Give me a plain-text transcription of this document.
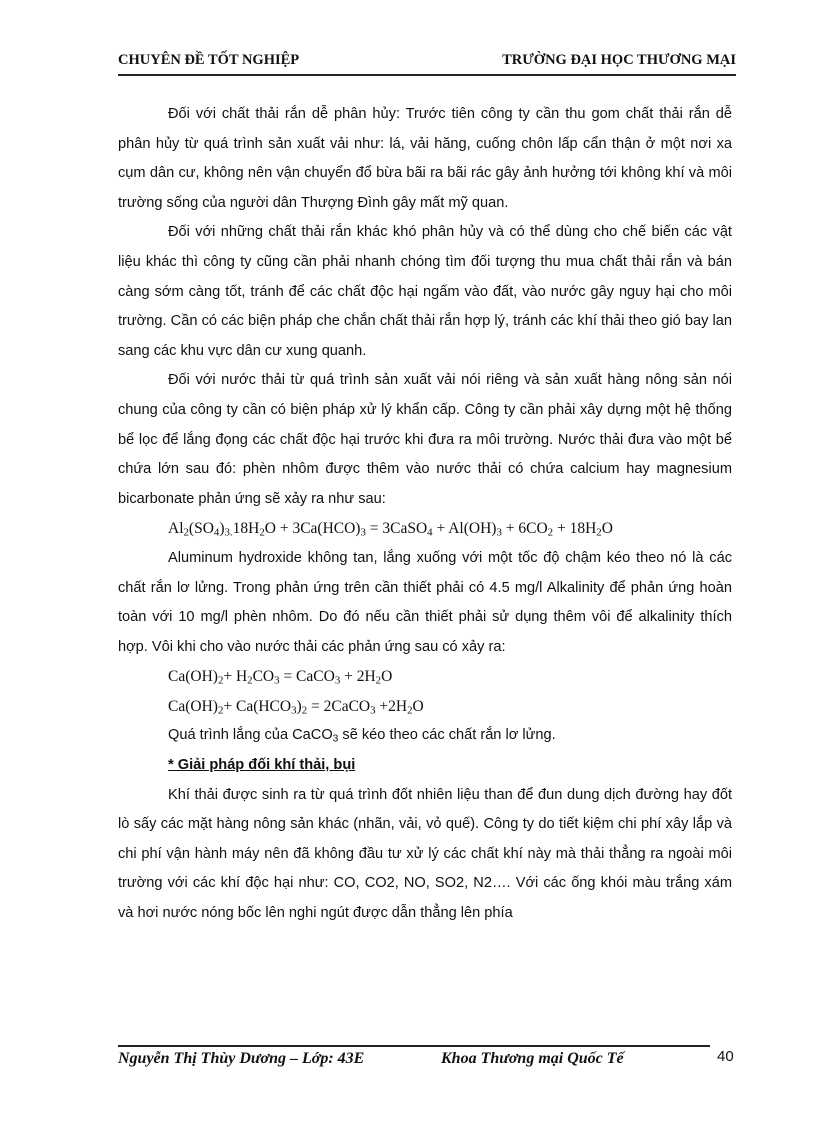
CHUYÊN ĐỀ TỐT NGHIỆP	TRƯỜNG ĐẠI HỌC THƯƠNG MẠI

Đối với chất thải rắn dễ phân hủy: Trước tiên công ty cần thu gom chất thải rắn dễ phân hủy từ quá trình sản xuất vải như: lá, vải hăng, cuống chôn lấp cẩn thận ở một nơi xa cụm dân cư, không nên vận chuyển đổ bừa bãi ra bãi rác gây ảnh hưởng tới không khí và môi trường sống của người dân Thượng Đình gây mất mỹ quan.

Đối với những chất thải rắn khác khó phân hủy và có thể dùng cho chế biến các vật liệu khác thì công ty cũng cần phải nhanh chóng tìm đối tượng thu mua chất thải rắn và bán càng sớm càng tốt, tránh để các chất độc hại ngấm vào đất, vào nước gây nguy hại cho môi trường. Cần có các biện pháp che chắn chất thải rắn hợp lý, tránh các khí thải theo gió bay lan sang các khu vực dân cư xung quanh.

Đối với nước thải từ quá trình sản xuất vải nói riêng và sản xuất hàng nông sản nói chung của công ty cần có biện pháp xử lý khẩn cấp. Công ty cần phải xây dựng một hệ thống bể lọc để lắng đọng các chất độc hại trước khi đưa ra môi trường. Nước thải đưa vào một bể chứa lớn sau đó: phèn nhôm được thêm vào nước thải có chứa calcium hay magnesium bicarbonate phản ứng sẽ xảy ra như sau:

$Al_2(SO_4)_{3.}18H_2O + 3Ca(HCO)_3$ = 3CaSO$_4$ + $Al(OH)_3 + 6CO_2 + 18H_2O$

Aluminum hydroxide không tan, lắng xuống với một tốc độ chậm kéo theo nó là các chất rắn lơ lửng. Trong phản ứng trên cần thiết phải có 4.5 mg/l Alkalinity để phản ứng hoàn toàn với 10 mg/l phèn nhôm. Do đó nếu cần thiết phải sử dụng thêm vôi để alkalinity thích hợp. Vôi khi cho vào nước thải các phản ứng sau có xảy ra:

$Ca(OH)_2+ H_2CO_3$ = CaCO$_3$ + $2H_2O$

$Ca(OH)_2+ Ca(HCO_3)_2$ = 2CaCO$_3$ $+2H_2O$

Quá trình lắng của CaCO$_3$ sẽ kéo theo các chất rắn lơ lửng.

* Giải pháp đối khí thải, bụi

Khí thải được sinh ra từ quá trình đốt nhiên liệu than để đun dung dịch đường hay đốt lò sấy các mặt hàng nông sản khác (nhãn, vải, vỏ quế). Công ty do tiết kiệm chi phí xây lắp và chi phí vận hành máy nên đã không đầu tư xử lý các chất khí này mà thải thẳng ra ngoài môi trường với các khí độc hại như: CO, CO2, NO, SO2, N2…. Với các ống khói màu trắng xám và hơi nước nóng bốc lên nghi ngút được dẫn thẳng lên phía

Nguyễn Thị Thùy Dương – Lớp: 43E	Khoa Thương mại Quốc Tế	40
